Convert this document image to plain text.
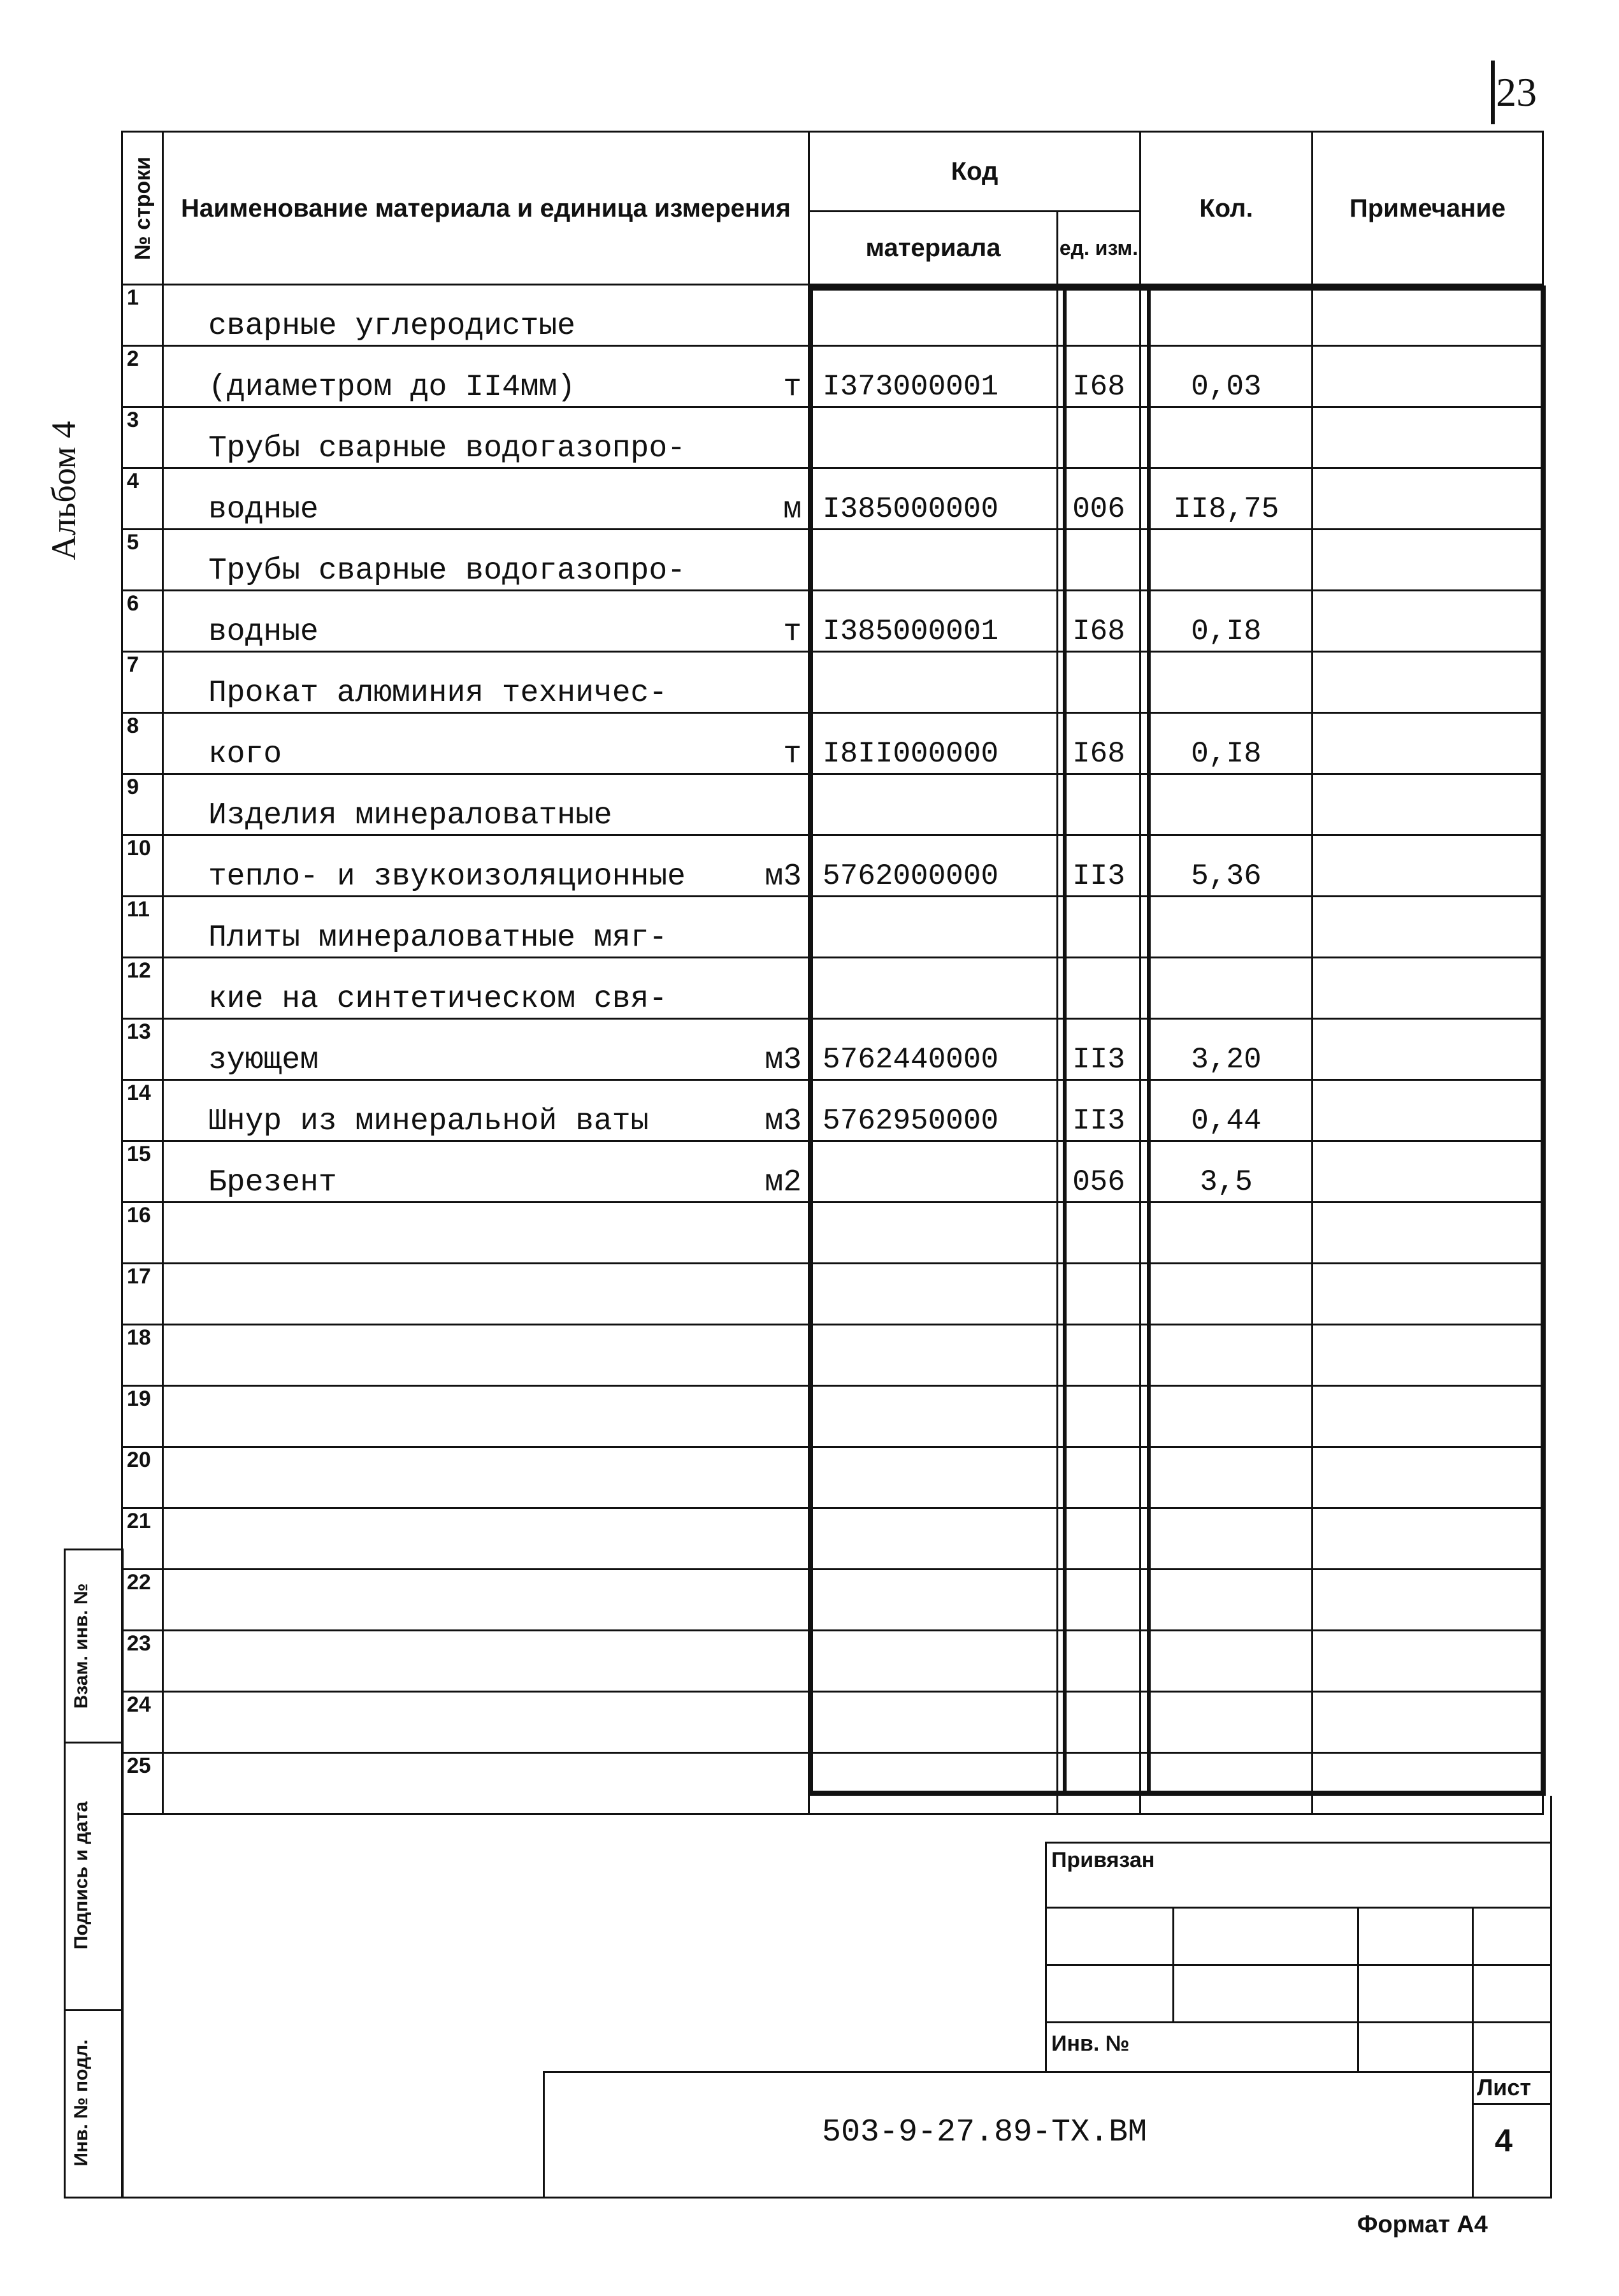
23
Альбом 4
№ строки	Наименование материала и единица измерения	Код		Кол.	Примечание
		материала	ед. изм.		
1	сварные углеродистые				

2	(диаметром до II4мм) т	I373000001	I68	0,03	
3	Трубы сварные водогазопро-				

4	водные м	I385000000	006	II8,75	
5	Трубы сварные водогазопро-				

6	водные т	I385000001	I68	0,I8	
7	Прокат алюминия техничес-				

8	кого т	I8II000000	I68	0,I8	
9	Изделия минераловатные				

10	тепло- и звукоизоляционные м3	5762000000	II3	5,36	
11	Плиты минераловатные мяг-				

12	кие на синтетическом свя-				

13	зующем м3	5762440000	II3	3,20	
14	Шнур из минеральной ваты м3	5762950000	II3	0,44	
15	Брезент м2		056	3,5	
16	

17	

18	

19	

20	

21	

22	

23	

24	

25	

Взам. инв. №
Подпись и дата
Инв. № подл.
Привязан
Инв. №
503-9-27.89-ТХ.ВМ
Лист
4
Формат А4
